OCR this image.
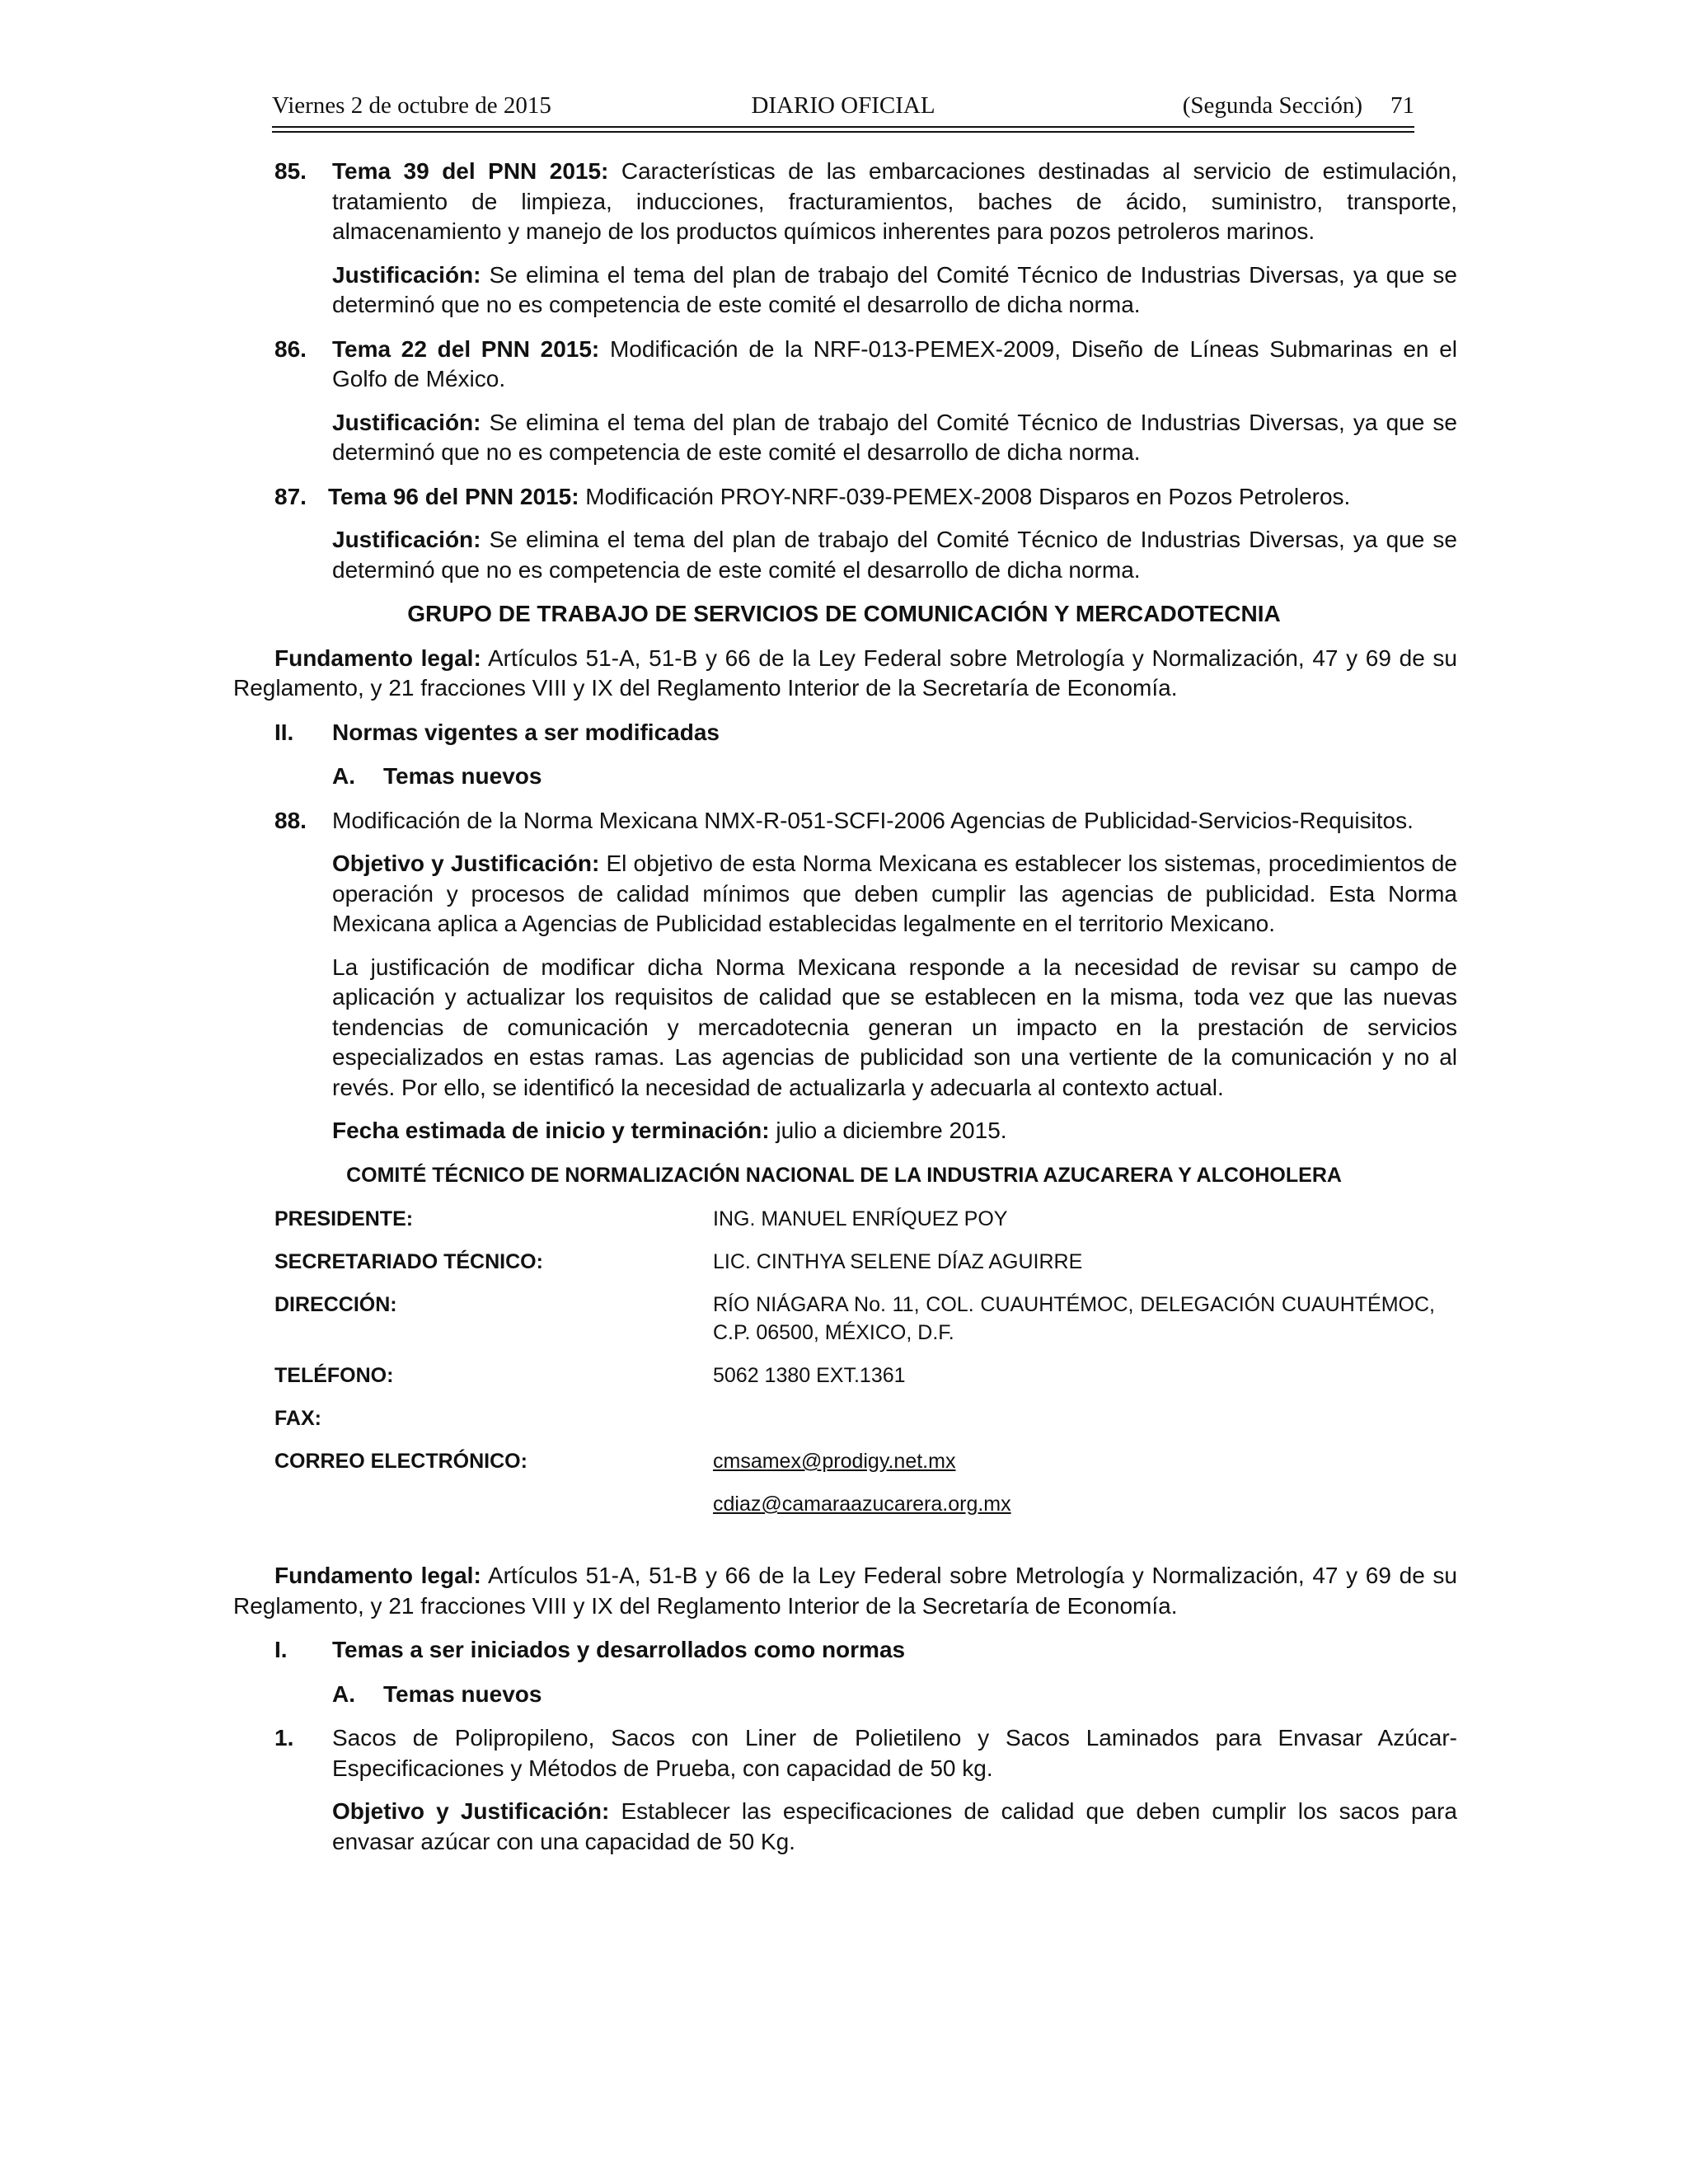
Viernes 2 de octubre de 2015	DIARIO OFICIAL	(Segunda Sección) 71

85. Tema 39 del PNN 2015: Características de las embarcaciones destinadas al servicio de estimulación, tratamiento de limpieza, inducciones, fracturamientos, baches de ácido, suministro, transporte, almacenamiento y manejo de los productos químicos inherentes para pozos petroleros marinos.

Justificación: Se elimina el tema del plan de trabajo del Comité Técnico de Industrias Diversas, ya que se determinó que no es competencia de este comité el desarrollo de dicha norma.

86. Tema 22 del PNN 2015: Modificación de la NRF-013-PEMEX-2009, Diseño de Líneas Submarinas en el Golfo de México.

Justificación: Se elimina el tema del plan de trabajo del Comité Técnico de Industrias Diversas, ya que se determinó que no es competencia de este comité el desarrollo de dicha norma.

87. Tema 96 del PNN 2015: Modificación PROY-NRF-039-PEMEX-2008 Disparos en Pozos Petroleros.

Justificación: Se elimina el tema del plan de trabajo del Comité Técnico de Industrias Diversas, ya que se determinó que no es competencia de este comité el desarrollo de dicha norma.

GRUPO DE TRABAJO DE SERVICIOS DE COMUNICACIÓN Y MERCADOTECNIA

Fundamento legal: Artículos 51-A, 51-B y 66 de la Ley Federal sobre Metrología y Normalización, 47 y 69 de su Reglamento, y 21 fracciones VIII y IX del Reglamento Interior de la Secretaría de Economía.

II. Normas vigentes a ser modificadas

A. Temas nuevos

88. Modificación de la Norma Mexicana NMX-R-051-SCFI-2006 Agencias de Publicidad-Servicios-Requisitos.

Objetivo y Justificación: El objetivo de esta Norma Mexicana es establecer los sistemas, procedimientos de operación y procesos de calidad mínimos que deben cumplir las agencias de publicidad. Esta Norma Mexicana aplica a Agencias de Publicidad establecidas legalmente en el territorio Mexicano.

La justificación de modificar dicha Norma Mexicana responde a la necesidad de revisar su campo de aplicación y actualizar los requisitos de calidad que se establecen en la misma, toda vez que las nuevas tendencias de comunicación y mercadotecnia generan un impacto en la prestación de servicios especializados en estas ramas. Las agencias de publicidad son una vertiente de la comunicación y no al revés. Por ello, se identificó la necesidad de actualizarla y adecuarla al contexto actual.

Fecha estimada de inicio y terminación: julio a diciembre 2015.

COMITÉ TÉCNICO DE NORMALIZACIÓN NACIONAL DE LA INDUSTRIA AZUCARERA Y ALCOHOLERA

PRESIDENTE:	ING. MANUEL ENRÍQUEZ POY
SECRETARIADO TÉCNICO:	LIC. CINTHYA SELENE DÍAZ AGUIRRE
DIRECCIÓN:	RÍO NIÁGARA No. 11, COL. CUAUHTÉMOC, DELEGACIÓN CUAUHTÉMOC, C.P. 06500, MÉXICO, D.F.
TELÉFONO:	5062 1380 EXT.1361
FAX:
CORREO ELECTRÓNICO:	cmsamex@prodigy.net.mx
cdiaz@camaraazucarera.org.mx

Fundamento legal: Artículos 51-A, 51-B y 66 de la Ley Federal sobre Metrología y Normalización, 47 y 69 de su Reglamento, y 21 fracciones VIII y IX del Reglamento Interior de la Secretaría de Economía.

I. Temas a ser iniciados y desarrollados como normas

A. Temas nuevos

1. Sacos de Polipropileno, Sacos con Liner de Polietileno y Sacos Laminados para Envasar Azúcar-Especificaciones y Métodos de Prueba, con capacidad de 50 kg.

Objetivo y Justificación: Establecer las especificaciones de calidad que deben cumplir los sacos para envasar azúcar con una capacidad de 50 Kg.
